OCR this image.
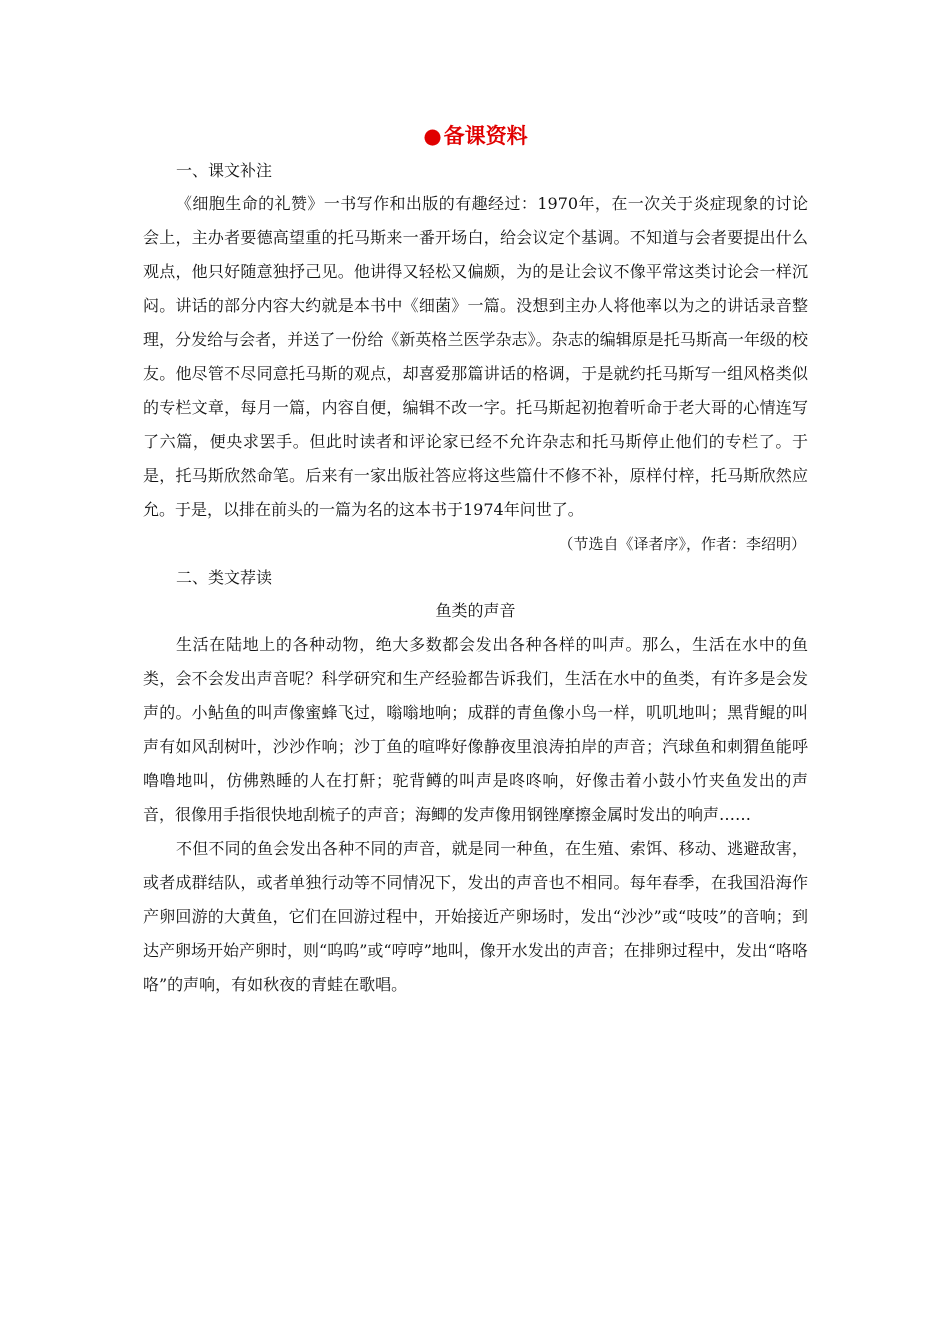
●备课资料
一、课文补注

《细胞生命的礼赞》一书写作和出版的有趣经过：1970年，在一次关于炎症现象的讨论会上，主办者要德高望重的托马斯来一番开场白，给会议定个基调。不知道与会者要提出什么观点，他只好随意独抒己见。他讲得又轻松又偏颇，为的是让会议不像平常这类讨论会一样沉闷。讲话的部分内容大约就是本书中《细菌》一篇。没想到主办人将他率以为之的讲话录音整理，分发给与会者，并送了一份给《新英格兰医学杂志》。杂志的编辑原是托马斯高一年级的校友。他尽管不尽同意托马斯的观点，却喜爱那篇讲话的格调，于是就约托马斯写一组风格类似的专栏文章，每月一篇，内容自便，编辑不改一字。托马斯起初抱着听命于老大哥的心情连写了六篇，便央求罢手。但此时读者和评论家已经不允许杂志和托马斯停止他们的专栏了。于是，托马斯欣然命笔。后来有一家出版社答应将这些篇什不修不补，原样付梓，托马斯欣然应允。于是，以排在前头的一篇为名的这本书于1974年问世了。

（节选自《译者序》，作者：李绍明）
二、类文荐读
鱼类的声音

生活在陆地上的各种动物，绝大多数都会发出各种各样的叫声。那么，生活在水中的鱼类，会不会发出声音呢？科学研究和生产经验都告诉我们，生活在水中的鱼类，有许多是会发声的。小鲇鱼的叫声像蜜蜂飞过，嗡嗡地响；成群的青鱼像小鸟一样，叽叽地叫；黑背鲲的叫声有如风刮树叶，沙沙作响；沙丁鱼的喧哗好像静夜里浪涛拍岸的声音；汽球鱼和刺猬鱼能呼噜噜地叫，仿佛熟睡的人在打鼾；驼背鳟的叫声是咚咚响，好像击着小鼓小竹夹鱼发出的声音，很像用手指很快地刮梳子的声音；海鲫的发声像用钢锉摩擦金属时发出的响声……

不但不同的鱼会发出各种不同的声音，就是同一种鱼，在生殖、索饵、移动、逃避敌害，或者成群结队，或者单独行动等不同情况下，发出的声音也不相同。每年春季，在我国沿海作产卵回游的大黄鱼，它们在回游过程中，开始接近产卵场时，发出“沙沙”或“吱吱”的音响；到达产卵场开始产卵时，则“呜呜”或“哼哼”地叫，像开水发出的声音；在排卵过程中，发出“咯咯咯”的声响，有如秋夜的青蛙在歌唱。
